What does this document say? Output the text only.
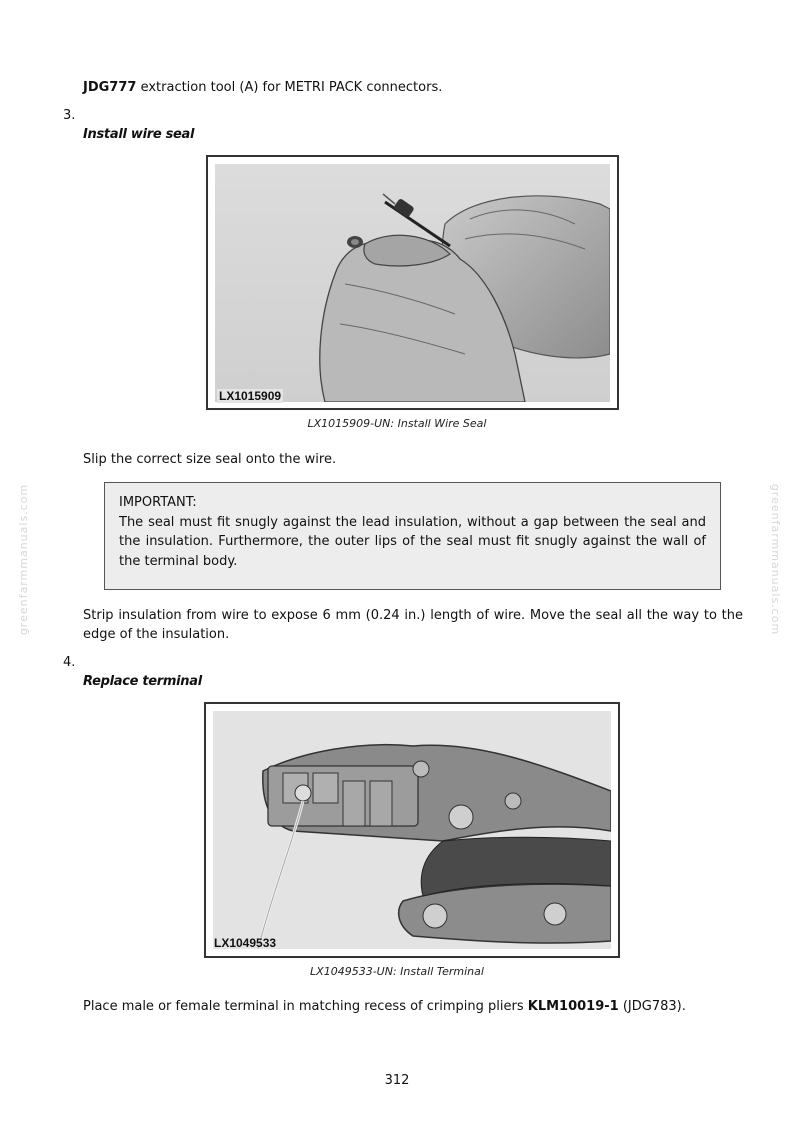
greenfarmmanuals.com	greenfarmmanuals.com
JDG777 extraction tool (A) for METRI PACK connectors.
3.
Install wire seal
LX1015909
LX1015909-UN: Install Wire Seal
Slip the correct size seal onto the wire.
IMPORTANT:
The seal must fit snugly against the lead insulation, without a gap between the seal and the insulation. Furthermore, the outer lips of the seal must fit snugly against the wall of the terminal body.
Strip insulation from wire to expose 6 mm (0.24 in.) length of wire. Move the seal all the way to the edge of the insulation.
4.
Replace terminal
LX1049533
LX1049533-UN: Install Terminal
Place male or female terminal in matching recess of crimping pliers KLM10019-1 (JDG783).
312
